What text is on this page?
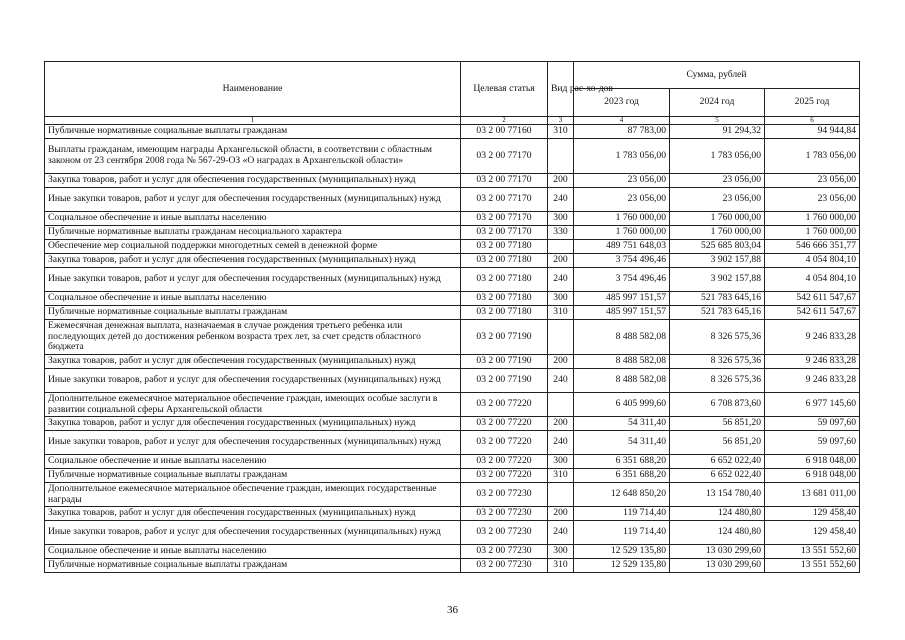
Наименование	Целевая статья	Вид рас-хо-дов	Сумма, рублей		
			2023 год	2024 год	2025 год
1	2	3	4	5	6
Публичные нормативные социальные выплаты гражданам	03 2 00 77160	310	87 783,00	91 294,32	94 944,84
Выплаты гражданам, имеющим награды Архангельской области, в соответствии с областным законом от 23 сентября 2008 года № 567-29-ОЗ «О наградах в Архангельской области»	03 2 00 77170		1 783 056,00	1 783 056,00	1 783 056,00
Закупка товаров, работ и услуг для обеспечения государственных (муниципальных) нужд	03 2 00 77170	200	23 056,00	23 056,00	23 056,00
Иные закупки товаров, работ и услуг для обеспечения государственных (муниципальных) нужд	03 2 00 77170	240	23 056,00	23 056,00	23 056,00
Социальное обеспечение и иные выплаты населению	03 2 00 77170	300	1 760 000,00	1 760 000,00	1 760 000,00
Публичные нормативные выплаты гражданам несоциального характера	03 2 00 77170	330	1 760 000,00	1 760 000,00	1 760 000,00
Обеспечение мер социальной поддержки многодетных семей в денежной форме	03 2 00 77180		489 751 648,03	525 685 803,04	546 666 351,77
Закупка товаров, работ и услуг для обеспечения государственных (муниципальных) нужд	03 2 00 77180	200	3 754 496,46	3 902 157,88	4 054 804,10
Иные закупки товаров, работ и услуг для обеспечения государственных (муниципальных) нужд	03 2 00 77180	240	3 754 496,46	3 902 157,88	4 054 804,10
Социальное обеспечение и иные выплаты населению	03 2 00 77180	300	485 997 151,57	521 783 645,16	542 611 547,67
Публичные нормативные социальные выплаты гражданам	03 2 00 77180	310	485 997 151,57	521 783 645,16	542 611 547,67
Ежемесячная денежная выплата, назначаемая в случае рождения третьего ребенка или последующих детей до достижения ребенком возраста трех лет, за счет средств областного бюджета	03 2 00 77190		8 488 582,08	8 326 575,36	9 246 833,28
Закупка товаров, работ и услуг для обеспечения государственных (муниципальных) нужд	03 2 00 77190	200	8 488 582,08	8 326 575,36	9 246 833,28
Иные закупки товаров, работ и услуг для обеспечения государственных (муниципальных) нужд	03 2 00 77190	240	8 488 582,08	8 326 575,36	9 246 833,28
Дополнительное ежемесячное материальное обеспечение граждан, имеющих особые заслуги в развитии социальной сферы Архангельской области	03 2 00 77220		6 405 999,60	6 708 873,60	6 977 145,60
Закупка товаров, работ и услуг для обеспечения государственных (муниципальных) нужд	03 2 00 77220	200	54 311,40	56 851,20	59 097,60
Иные закупки товаров, работ и услуг для обеспечения государственных (муниципальных) нужд	03 2 00 77220	240	54 311,40	56 851,20	59 097,60
Социальное обеспечение и иные выплаты населению	03 2 00 77220	300	6 351 688,20	6 652 022,40	6 918 048,00
Публичные нормативные социальные выплаты гражданам	03 2 00 77220	310	6 351 688,20	6 652 022,40	6 918 048,00
Дополнительное ежемесячное материальное обеспечение граждан, имеющих государственные награды	03 2 00 77230		12 648 850,20	13 154 780,40	13 681 011,00
Закупка товаров, работ и услуг для обеспечения государственных (муниципальных) нужд	03 2 00 77230	200	119 714,40	124 480,80	129 458,40
Иные закупки товаров, работ и услуг для обеспечения государственных (муниципальных) нужд	03 2 00 77230	240	119 714,40	124 480,80	129 458,40
Социальное обеспечение и иные выплаты населению	03 2 00 77230	300	12 529 135,80	13 030 299,60	13 551 552,60
Публичные нормативные социальные выплаты гражданам	03 2 00 77230	310	12 529 135,80	13 030 299,60	13 551 552,60
36
